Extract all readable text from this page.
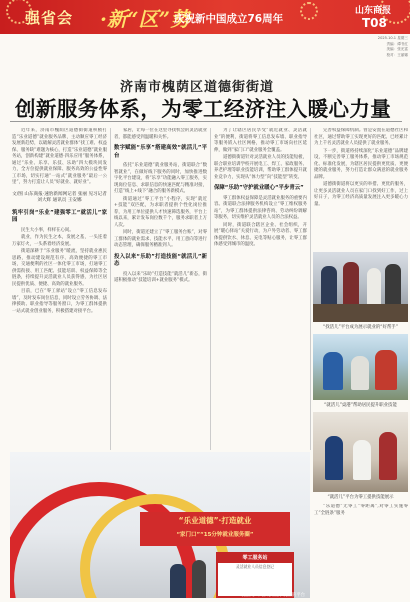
强省会 ·新“区”势
庆祝新中国成立76周年
山东商报
T08
2025.10.1 星期三
责编：谭书红
美编：张光富
校对：王丽娜
济南市槐荫区道德街街道
创新服务体系，为零工经济注入暖心力量

近年来，济南市槐荫区道德街街道积极打造“乐业道德”就业服务品牌，主动顺应零工经济发展新趋势，以破解灵活就业群体“找工难、权益保、服务缺”难题为核心，打造“乐业道德”就业服务站，创新构建“就业道德·四乐应用”服务体系，通过“乐业、乐享、乐技、乐助”四大模块同发力，全方位提供就业保障、服务高效的公益性零工市场，切实打通“一站式”就业服务“最后一公里”，努力打造让人员“好就业、就好业”。

文/图 山东商报·速豹新闻网记者 张丽 见习记者 刘大辉 通讯员 王安娜
筑牢引岗“乐业”建强零工“就活儿”家园

民生大小事，样样在心间。

就业，作为民生之本，发展之基，一头连着万家灯火，一头系着经济发展。

街道深耕于“乐业服务”暖流，坚持就业惠民思路，推动建设规范有序、高效便捷的零工市场，交通便利的社区一体化零工市场，打通零工供需衔接、用工匹配、技能培训、权益保障等全链条，持续提升灵活就业人员获得感，为社区居民提供优质、便捷、高效的就业服务。

目前，已在“零工驿站”设立“零工信息发布墙”，及时发布岗位信息，同时设立劳务协调、法律援助、职业指导等服务窗口，为零工群体提供一站式就业创业服务，积极搭建对接平台。

家居，让每一位在这里寻找机会的灵活就业者，都能感受到温暖和关怀。

数字赋能“乐享”搭建高效“就活儿”平台

依托“乐业道德”就业服务站，街道联合“数智就业”，在做好线下服务的同时，加快推进数字化平台建设，将“乐享”功能融入零工服务，实现岗位信息、求职信息的快速匹配与精准对接，打造“线上+线下”融合的服务新模式。

街道通过“零工平台”小程序，实现“就近+技能”双匹配，为求职者提供个性化岗位推荐，为用工单位提供人才快速筛选服务，平台上线以来，累计发布岗位数千个，服务求职者上万人次。

同时，街道还建立了“零工服务台账”，对零工群体的就业需求、技能水平、用工意向等进行动态管理，确保服务精准到人。

投入以来“乐助”打造技能“就活儿”新态

投入以来“乐助”打造技能“就活儿”新态，街道积极推动“技能培训+就业服务”模式。

为了让辖区居民享受“就近就业、灵活就业”的便利，街道将零工信息发布墙、职业指导等服务嵌入社区网格，推动零工市场向社区延伸，做到“家门口”就业服务全覆盖。

道德街街道针对灵活就业人员的技能短板，联合职业培训学校开展电工、焊工、家政服务、养老护理等职业技能培训，帮助零工群体提升就业竞争力，实现从“体力型”向“技能型”转变。

保障“乐助”守护就业暖心“平步青云”

零工群体权益保障是灵活就业服务的重要内容。街道联合法律服务机构设立“零工维权服务站”，为零工群体提供法律咨询、劳动纠纷调解等服务，切实维护灵活就业人员的合法权益。

同时，街道联合辖区企业、社会组织，开展“暖心驿站”关爱行动，为户外劳动者、零工群体提供饮水、休息、充电等贴心服务，让零工群体感受到城市的温度。

完善权益保障机制。曾是安置在道德社区和社区，通过帮助零工实现更好的匹配。已经累计为上千名灵活就业人员提供了就业服务。

下一步，街道将持续深化“乐业道德”品牌建设，不断完善零工服务体系，推动零工市场规范化、标准化发展，为辖区居民提供更优质、更便捷的就业服务，努力打造让群众满意的就业服务品牌。

道德街街道将以更实的举措、更优的服务，让更多灵活就业人员在家门口找到好工作，过上好日子，为零工经济高质量发展注入更多暖心力量。

“找活儿”平台成为展示就业的“好帮手”
“就活儿”桌港”帮助居民提升职业技能
“乐业道德”·打造就业
“家门口”“15分钟就业服务圈”
零工服务站
灵活就业人员信息登记
“就活儿”平台成为展示就业的平台
“就活儿”平台为零工提供技能展示

“乐道德”无零工“零距离”,对零工实施零工“全链条”服务
